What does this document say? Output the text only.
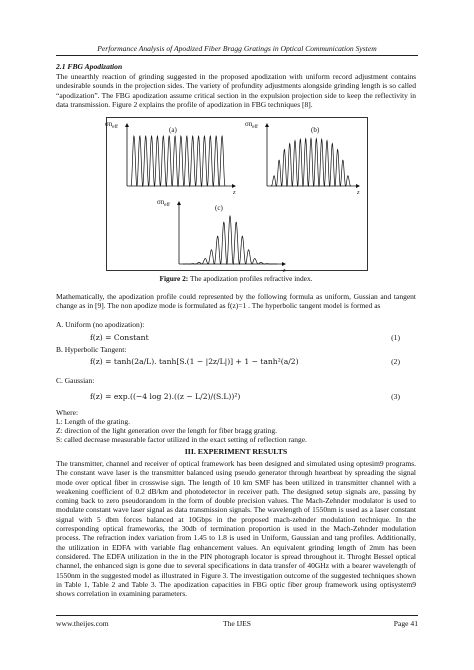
Performance Analysis of Apodized Fiber Bragg Gratings in Optical Communication System
2.1 FBG Apodization

The unearthly reaction of grinding suggested in the proposed apodization with uniform record adjustment contains undesirable sounds in the projection sides. The variety of profundity adjustments alongside grinding length is so called “apodization”. The FBG apodization assume critical section in the expulsion projection side to keep the reflectivity in data transmission. Figure 2 explains the profile of apodization in FBG techniques [8].

$\sigma n_{eff}$
z
(a)
$\sigma n_{eff}$
z
(b)
$\sigma n_{eff}$
z
(c)
Figure 2: The apodization profiles refractive index.

Mathematically, the apodization profile could represented by the following formula as uniform, Gussian and tangent change as in [9]. The non apodize mode is formulated as f(z)=1 . The hyperbolic tangent model is formed as

A. Uniform (no apodization):
f(z) = Constant	(1)
B. Hyperbolic Tangent:
f(z) = tanh(2a/L). tanh[S.(1 − |2z/L|)] + 1 − tanh²(a/2)	(2)
C. Gaussian:
f(z) = exp.((−4 log 2).((z − L/2)/(S.L))²)	(3)
Where:
L: Length of the grating.
Z: direction of the light generation over the length for fiber bragg grating.
S: called decrease measurable factor utilized in the exact setting of reflection range.
III. EXPERIMENT RESULTS

The transmitter, channel and receiver of optical framework has been designed and simulated using optesim9 programs. The constant wave laser is the transmitter balanced using pseudo generator through heartbeat by spreading the signal mode over optical fiber in crosswise sign. The length of 10 km SMF has been utilized in transmitter channel with a weakening coefficient of 0.2 dB/km and photodetector in receiver path. The designed setup signals are, passing by coming back to zero pseudorandom in the form of double precision values. The Mach-Zehnder modulator is used to modulate constant wave laser signal as data transmission signals. The wavelength of 1550nm is used as a laser constant signal with 5 dbm forces balanced at 10Gbps in the proposed mach-zehnder modulation technique. In the corresponding optical frameworks, the 30db of termination proportion is used in the Mach-Zehnder modulation process. The refraction index variation from 1.45 to 1.8 is used in Uniform, Gaussian and tang profiles. Additionally, the utilization in EDFA with variable flag enhancement values. An equivalent grinding length of 2mm has been considered. The EDFA utilization in the in the PIN photograph locator is spread throughout it. Throght Bessel optical channel, the enhanced sign is gone due to several specifications in data transfer of 40GHz with a bearer wavelength of 1550nm in the suggested model as illustrated in Figure 3. The investigation outcome of the suggested techniques shown in Table 1, Table 2 and Table 3. The apodization capacities in FBG optic fiber group framework using optisystem9 shows correlation in examining parameters.

www.theijes.com	The IJES	Page 41
